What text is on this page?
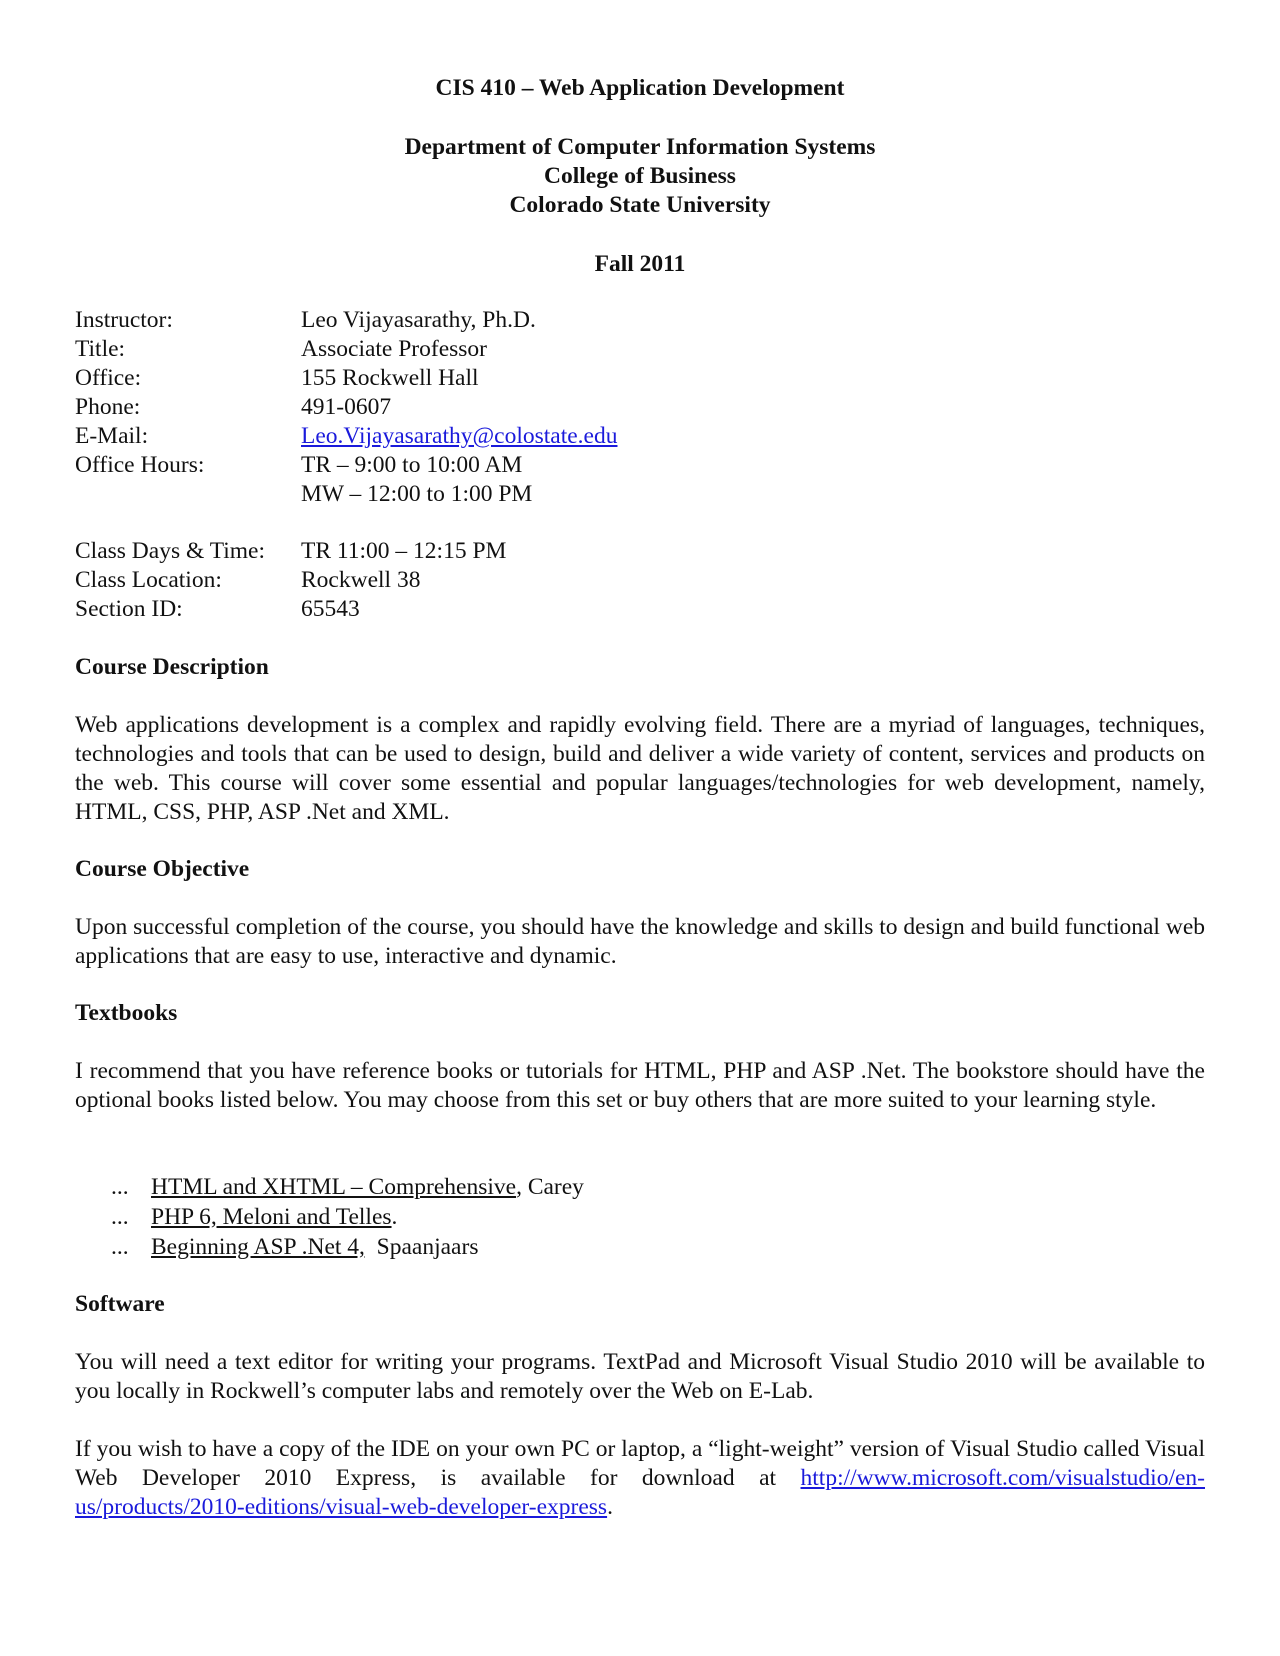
CIS 410 – Web Application Development
Department of Computer Information Systems
College of Business
Colorado State University
Fall 2011
Instructor:	Leo Vijayasarathy, Ph.D.
Title:	Associate Professor
Office:	155 Rockwell Hall
Phone:	491-0607
E-Mail:	Leo.Vijayasarathy@colostate.edu
Office Hours:	TR – 9:00 to 10:00 AM
MW – 12:00 to 1:00 PM
Class Days & Time:	TR 11:00 – 12:15 PM
Class Location:	Rockwell 38
Section ID:	65543
Course Description
Web applications development is a complex and rapidly evolving field. There are a myriad of languages, techniques, technologies and tools that can be used to design, build and deliver a wide variety of content, services and products on the web. This course will cover some essential and popular languages/technologies for web development, namely, HTML, CSS, PHP, ASP .Net and XML.
Course Objective
Upon successful completion of the course, you should have the knowledge and skills to design and build functional web applications that are easy to use, interactive and dynamic.
Textbooks
I recommend that you have reference books or tutorials for HTML, PHP and ASP .Net. The bookstore should have the optional books listed below. You may choose from this set or buy others that are more suited to your learning style.
... HTML and XHTML – Comprehensive , Carey
... PHP 6, Meloni and Telles .
... Beginning ASP .Net 4, Spaanjaars
Software
You will need a text editor for writing your programs. TextPad and Microsoft Visual Studio 2010 will be available to you locally in Rockwell’s computer labs and remotely over the Web on E-Lab.
If you wish to have a copy of the IDE on your own PC or laptop, a “light-weight” version of Visual Studio called Visual Web Developer 2010 Express, is available for download at http://www.microsoft.com/visualstudio/en-us/products/2010-editions/visual-web-developer-express.
